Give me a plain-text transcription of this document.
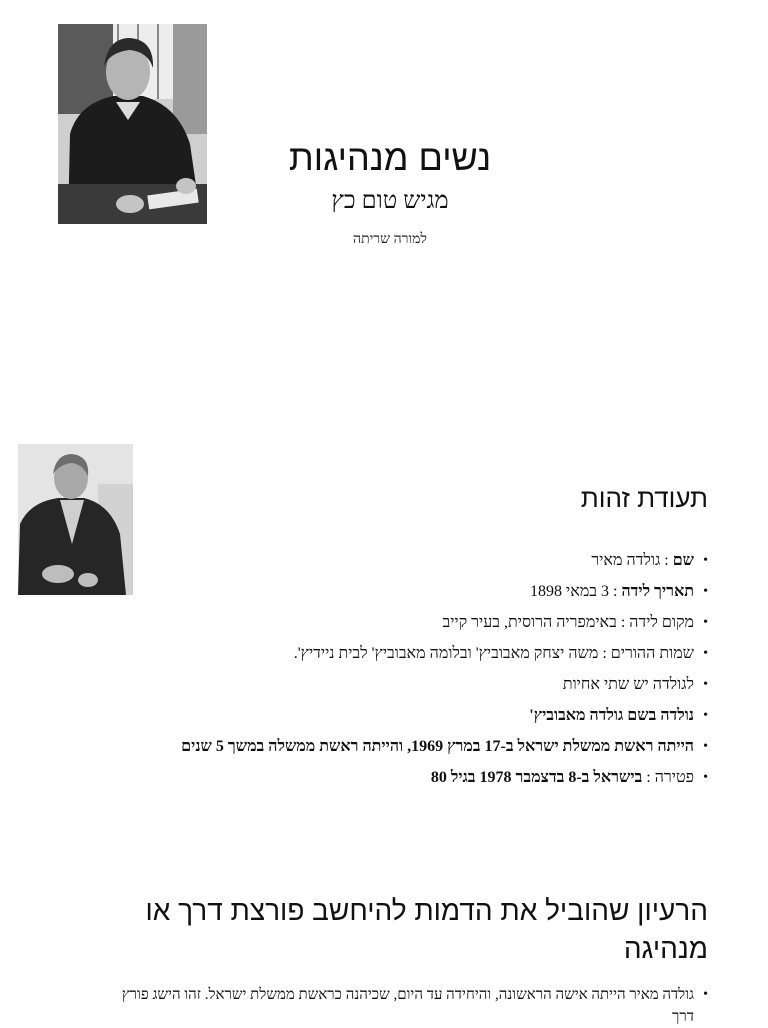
נשים מנהיגות
מגיש טום כץ
למורה שריתה
תעודת זהות
•
שם : גולדה מאיר
•
תאריך לידה : 3 במאי 1898
•
מקום לידה : באימפריה הרוסית, בעיר קייב
•
שמות ההורים : משה יצחק מאבוביץ' ובלומה מאבוביץ' לבית ניידיץ'.
•
לגולדה יש שתי אחיות
•
נולדה בשם גולדה מאבוביץ'
•
הייתה ראשת ממשלת ישראל ב-17 במרץ 1969, והייתה ראשת ממשלה במשך 5 שנים
•
פטירה : בישראל ב-8 בדצמבר 1978 בגיל 80
הרעיון שהוביל את הדמות להיחשב פורצת דרך או מנהיגה
•
גולדה מאיר הייתה אישה הראשונה, והיחידה עד היום, שכיהנה כראשת ממשלת ישראל. זהו הישג פורץ דרך
